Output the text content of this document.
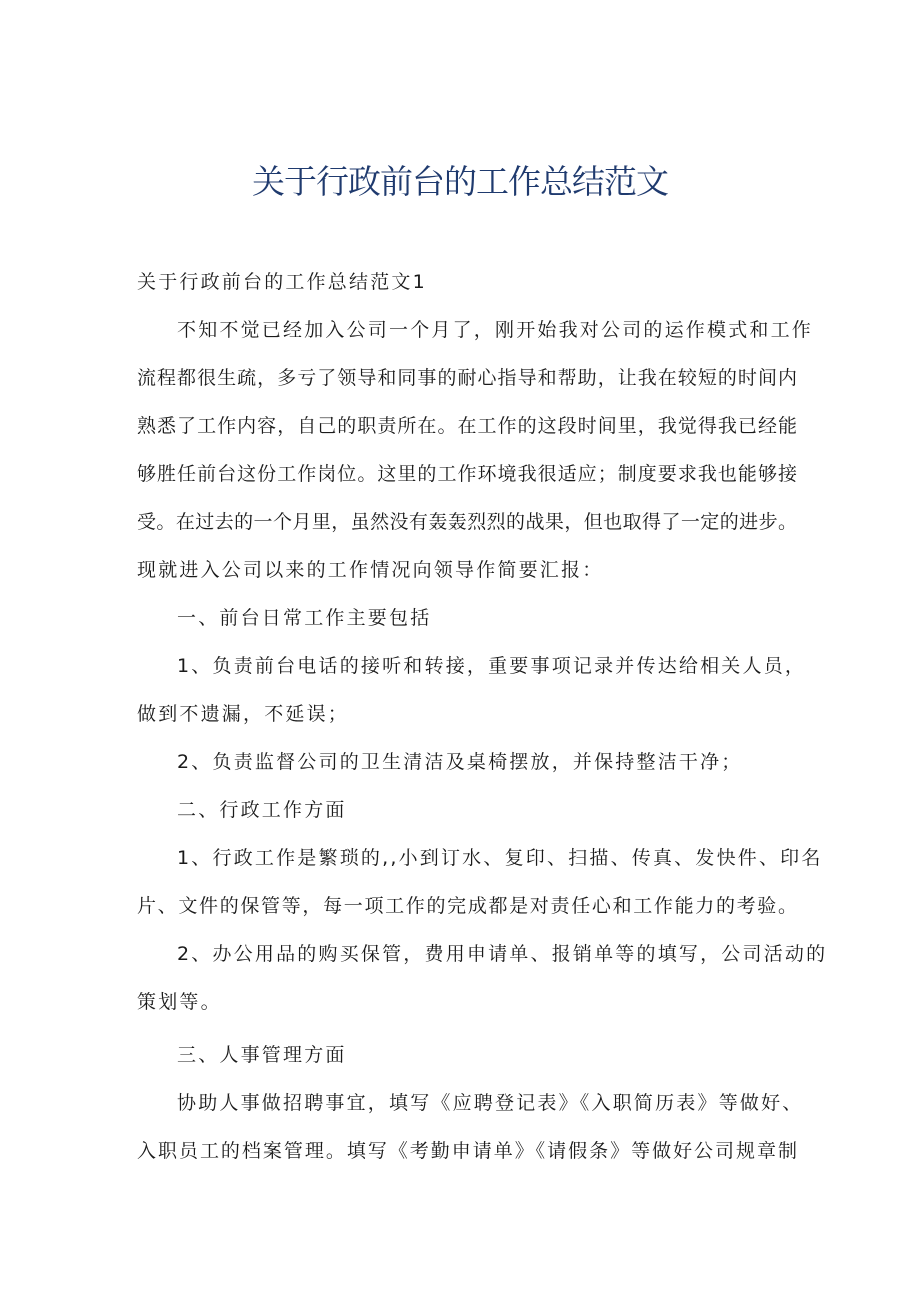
关于行政前台的工作总结范文

关于行政前台的工作总结范文1

不知不觉已经加入公司一个月了，刚开始我对公司的运作模式和工作

流程都很生疏，多亏了领导和同事的耐心指导和帮助，让我在较短的时间内

熟悉了工作内容，自己的职责所在。在工作的这段时间里，我觉得我已经能

够胜任前台这份工作岗位。这里的工作环境我很适应；制度要求我也能够接

受。在过去的一个月里，虽然没有轰轰烈烈的战果，但也取得了一定的进步。

现就进入公司以来的工作情况向领导作简要汇报：

一、前台日常工作主要包括

1、负责前台电话的接听和转接，重要事项记录并传达给相关人员，

做到不遗漏，不延误；

2、负责监督公司的卫生清洁及桌椅摆放，并保持整洁干净；

二、行政工作方面

1、行政工作是繁琐的,,小到订水、复印、扫描、传真、发快件、印名

片、文件的保管等，每一项工作的完成都是对责任心和工作能力的考验。

2、办公用品的购买保管，费用申请单、报销单等的填写，公司活动的

策划等。

三、人事管理方面

协助人事做招聘事宜，填写《应聘登记表》《入职简历表》等做好、

入职员工的档案管理。填写《考勤申请单》《请假条》等做好公司规章制
